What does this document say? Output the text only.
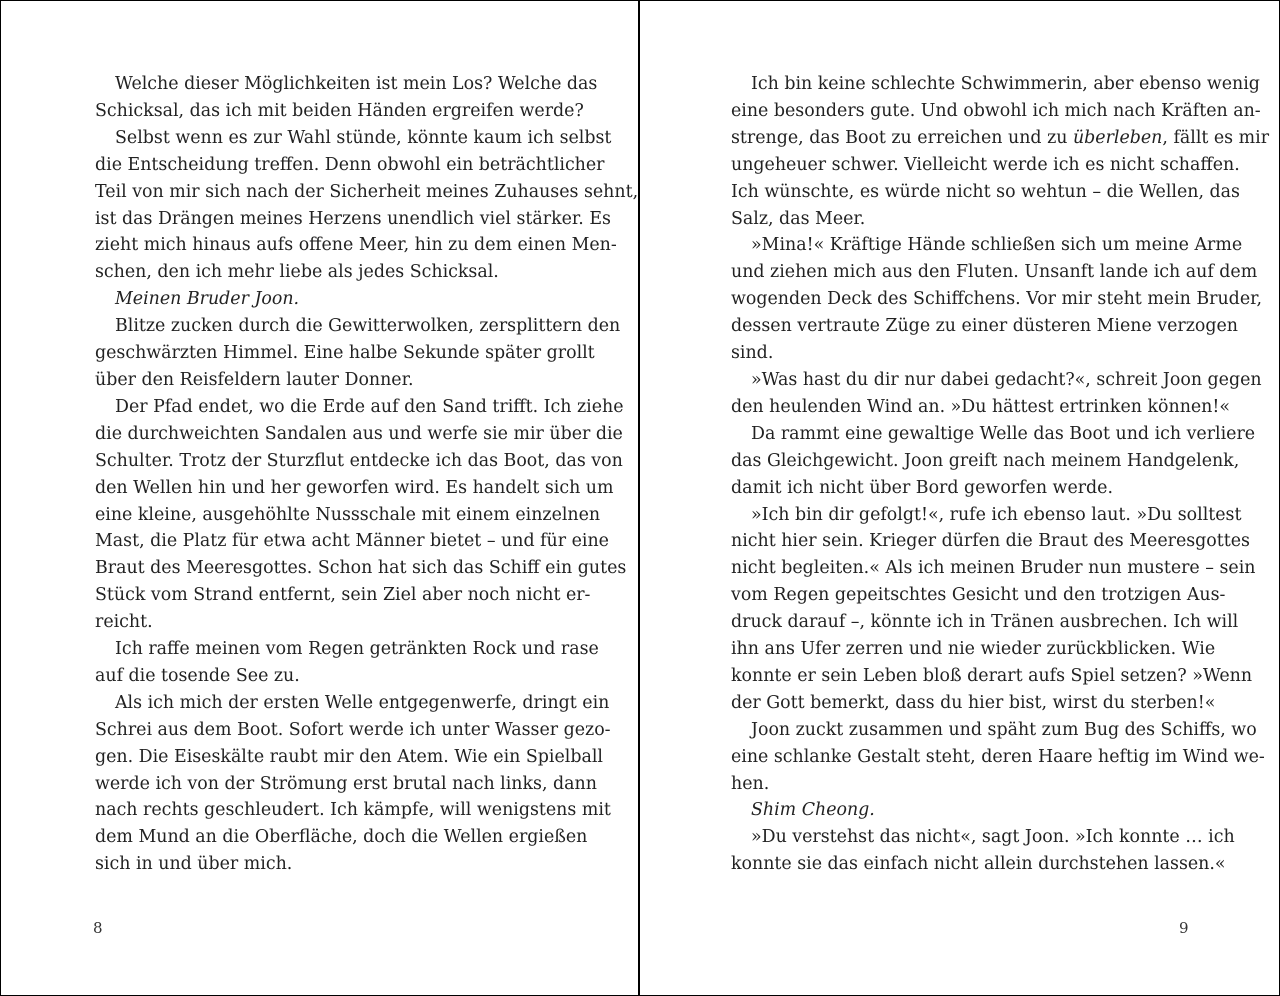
Welche dieser Möglichkeiten ist mein Los? Welche das
Schicksal, das ich mit beiden Händen ergreifen werde?
Selbst wenn es zur Wahl stünde, könnte kaum ich selbst
die Entscheidung treffen. Denn obwohl ein beträchtlicher
Teil von mir sich nach der Sicherheit meines Zuhauses sehnt,
ist das Drängen meines Herzens unendlich viel stärker. Es
zieht mich hinaus aufs offene Meer, hin zu dem einen Men-
schen, den ich mehr liebe als jedes Schicksal.
Meinen Bruder Joon.
Blitze zucken durch die Gewitterwolken, zersplittern den
geschwärzten Himmel. Eine halbe Sekunde später grollt
über den Reisfeldern lauter Donner.
Der Pfad endet, wo die Erde auf den Sand trifft. Ich ziehe
die durchweichten Sandalen aus und werfe sie mir über die
Schulter. Trotz der Sturzflut entdecke ich das Boot, das von
den Wellen hin und her geworfen wird. Es handelt sich um
eine kleine, ausgehöhlte Nussschale mit einem einzelnen
Mast, die Platz für etwa acht Männer bietet – und für eine
Braut des Meeresgottes. Schon hat sich das Schiff ein gutes
Stück vom Strand entfernt, sein Ziel aber noch nicht er-
reicht.
Ich raffe meinen vom Regen getränkten Rock und rase
auf die tosende See zu.
Als ich mich der ersten Welle entgegenwerfe, dringt ein
Schrei aus dem Boot. Sofort werde ich unter Wasser gezo-
gen. Die Eiseskälte raubt mir den Atem. Wie ein Spielball
werde ich von der Strömung erst brutal nach links, dann
nach rechts geschleudert. Ich kämpfe, will wenigstens mit
dem Mund an die Oberfläche, doch die Wellen ergießen
sich in und über mich.
8
Ich bin keine schlechte Schwimmerin, aber ebenso wenig
eine besonders gute. Und obwohl ich mich nach Kräften an-
strenge, das Boot zu erreichen und zu überleben, fällt es mir
ungeheuer schwer. Vielleicht werde ich es nicht schaffen.
Ich wünschte, es würde nicht so wehtun – die Wellen, das
Salz, das Meer.
»Mina!« Kräftige Hände schließen sich um meine Arme
und ziehen mich aus den Fluten. Unsanft lande ich auf dem
wogenden Deck des Schiffchens. Vor mir steht mein Bruder,
dessen vertraute Züge zu einer düsteren Miene verzogen
sind.
»Was hast du dir nur dabei gedacht?«, schreit Joon gegen
den heulenden Wind an. »Du hättest ertrinken können!«
Da rammt eine gewaltige Welle das Boot und ich verliere
das Gleichgewicht. Joon greift nach meinem Handgelenk,
damit ich nicht über Bord geworfen werde.
»Ich bin dir gefolgt!«, rufe ich ebenso laut. »Du solltest
nicht hier sein. Krieger dürfen die Braut des Meeresgottes
nicht begleiten.« Als ich meinen Bruder nun mustere – sein
vom Regen gepeitschtes Gesicht und den trotzigen Aus-
druck darauf –, könnte ich in Tränen ausbrechen. Ich will
ihn ans Ufer zerren und nie wieder zurückblicken. Wie
konnte er sein Leben bloß derart aufs Spiel setzen? »Wenn
der Gott bemerkt, dass du hier bist, wirst du sterben!«
Joon zuckt zusammen und späht zum Bug des Schiffs, wo
eine schlanke Gestalt steht, deren Haare heftig im Wind we-
hen.
Shim Cheong.
»Du verstehst das nicht«, sagt Joon. »Ich konnte … ich
konnte sie das einfach nicht allein durchstehen lassen.«
9
